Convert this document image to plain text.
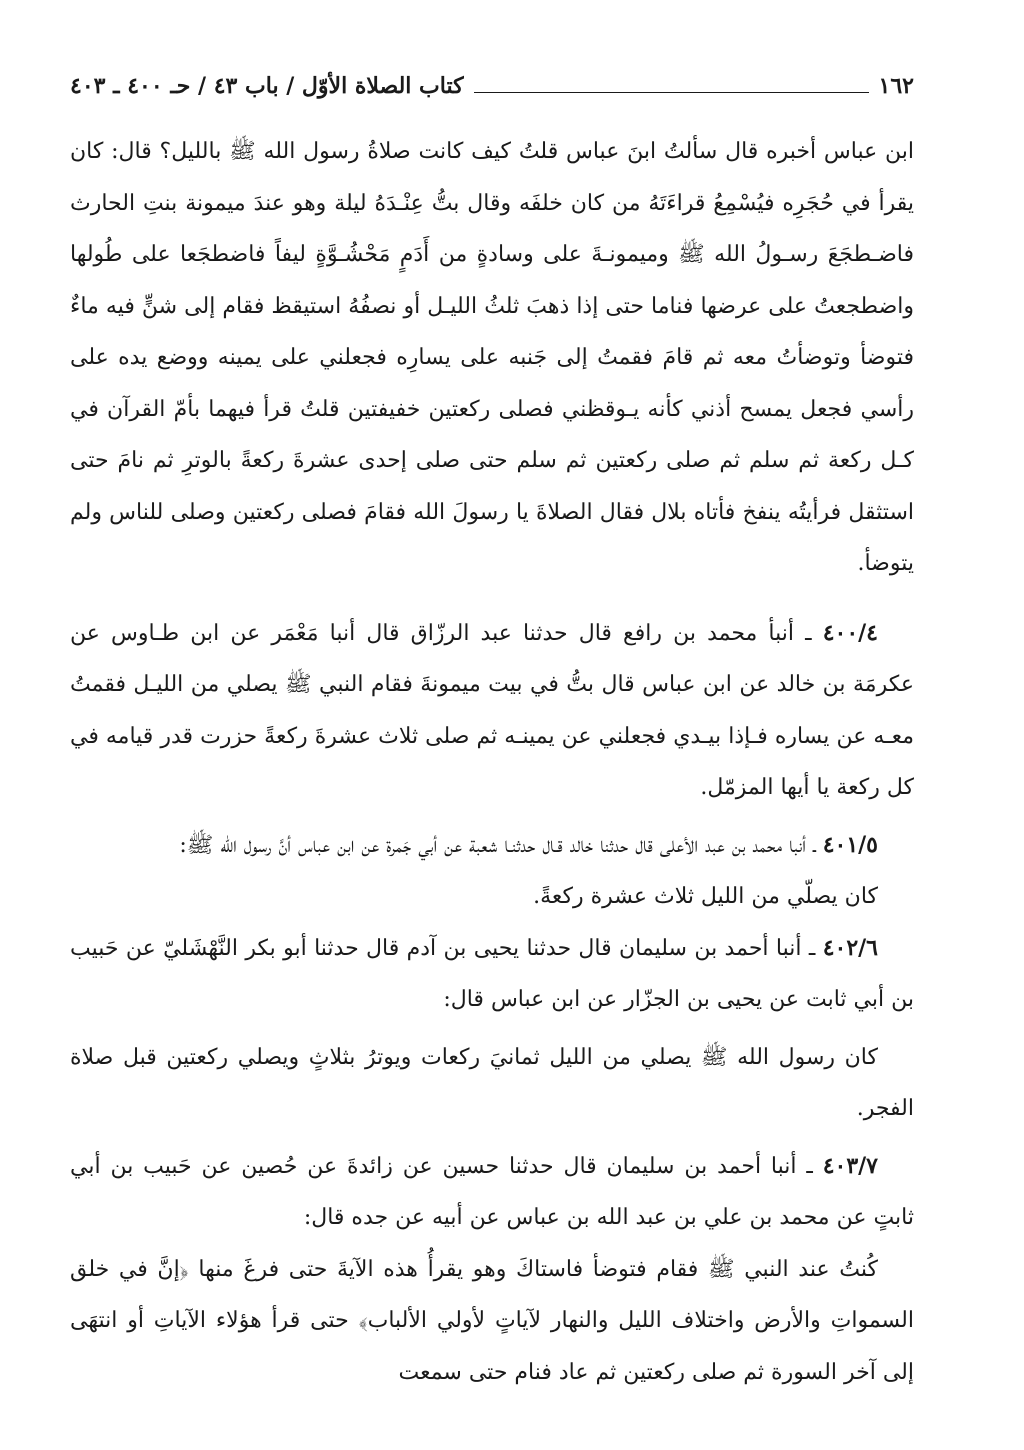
١٦٢
كتاب الصلاة الأوّل / باب ٤٣ / حـ ٤٠٠ ـ ٤٠٣

ابن عباس أخبره قال سألتُ ابنَ عباس قلتُ كيف كانت صلاةُ رسول الله ﷺ بالليل؟ قال: كان يقرأ في حُجَرِه فيُسْمِعُ قراءَتَهُ من كان خلفَه وقال بتُّ عِنْـدَهُ ليلة وهو عندَ ميمونة بنتِ الحارث فاضـطجَعَ رسـولُ الله ﷺ وميمونـةَ على وسادةٍ من أَدَمٍ مَحْشُـوَّةٍ ليفاً فاضطجَعا على طُولها واضطجعتُ على عرضها فناما حتى إذا ذهبَ ثلثُ الليـل أو نصفُهُ استيقظ فقام إلى شنٍّ فيه ماءٌ فتوضأ وتوضأتُ معه ثم قامَ فقمتُ إلى جَنبه على يسارِه فجعلني على يمينه ووضع يده على رأسي فجعل يمسح أذني كأنه يـوقظني فصلى ركعتين خفيفتين قلتُ قرأ فيهما بأمّ القرآن في كـل ركعة ثم سلم ثم صلى ركعتين ثم سلم حتى صلى إحدى عشرةَ ركعةً بالوترِ ثم نامَ حتى استثقل فرأيتُه ينفخ فأتاه بلال فقال الصلاةَ يا رسولَ الله فقامَ فصلى ركعتين وصلى للناس ولم يتوضأ.

٤٠٠/٤ ـ أنبأ محمد بن رافع قال حدثنا عبد الرزّاق قال أنبا مَعْمَر عن ابن طـاوس عن عكرمَة بن خالد عن ابن عباس قال بتُّ في بيت ميمونةَ فقام النبي ﷺ يصلي من الليـل فقمتُ معـه عن يساره فـإذا بيـدي فجعلني عن يمينـه ثم صلى ثلاث عشرةَ ركعةً حزرت قدر قيامه في كل ركعة يا أيها المزمّل.

٤٠١/٥ ـ أنبا محمد بن عبد الأعلى قال حدثنا خالد قـال حدثنـا شعبة عن أبي جَمرة عن ابن عباس أنَّ رسول الله ﷺ:

كان يصلّي من الليل ثلاث عشرة ركعةً.

٤٠٢/٦ ـ أنبا أحمد بن سليمان قال حدثنا يحيى بن آدم قال حدثنا أبو بكر النَّهْشَليّ عن حَبيب بن أبي ثابت عن يحيى بن الجزّار عن ابن عباس قال:

كان رسول الله ﷺ يصلي من الليل ثمانيَ ركعات ويوترُ بثلاثٍ ويصلي ركعتين قبل صلاة الفجر.

٤٠٣/٧ ـ أنبا أحمد بن سليمان قال حدثنا حسين عن زائدةَ عن حُصين عن حَبيب بن أبي ثابتٍ عن محمد بن علي بن عبد الله بن عباس عن أبيه عن جده قال:

كُنتُ عند النبي ﷺ فقام فتوضأ فاستاكَ وهو يقرأُ هذه الآيةَ حتى فرغَ منها ﴿إنَّ في خلق السمواتِ والأرض واختلاف الليل والنهار لآياتٍ لأولي الألباب﴾ حتى قرأ هؤلاء الآياتِ أو انتهَى إلى آخر السورة ثم صلى ركعتين ثم عاد فنام حتى سمعت
